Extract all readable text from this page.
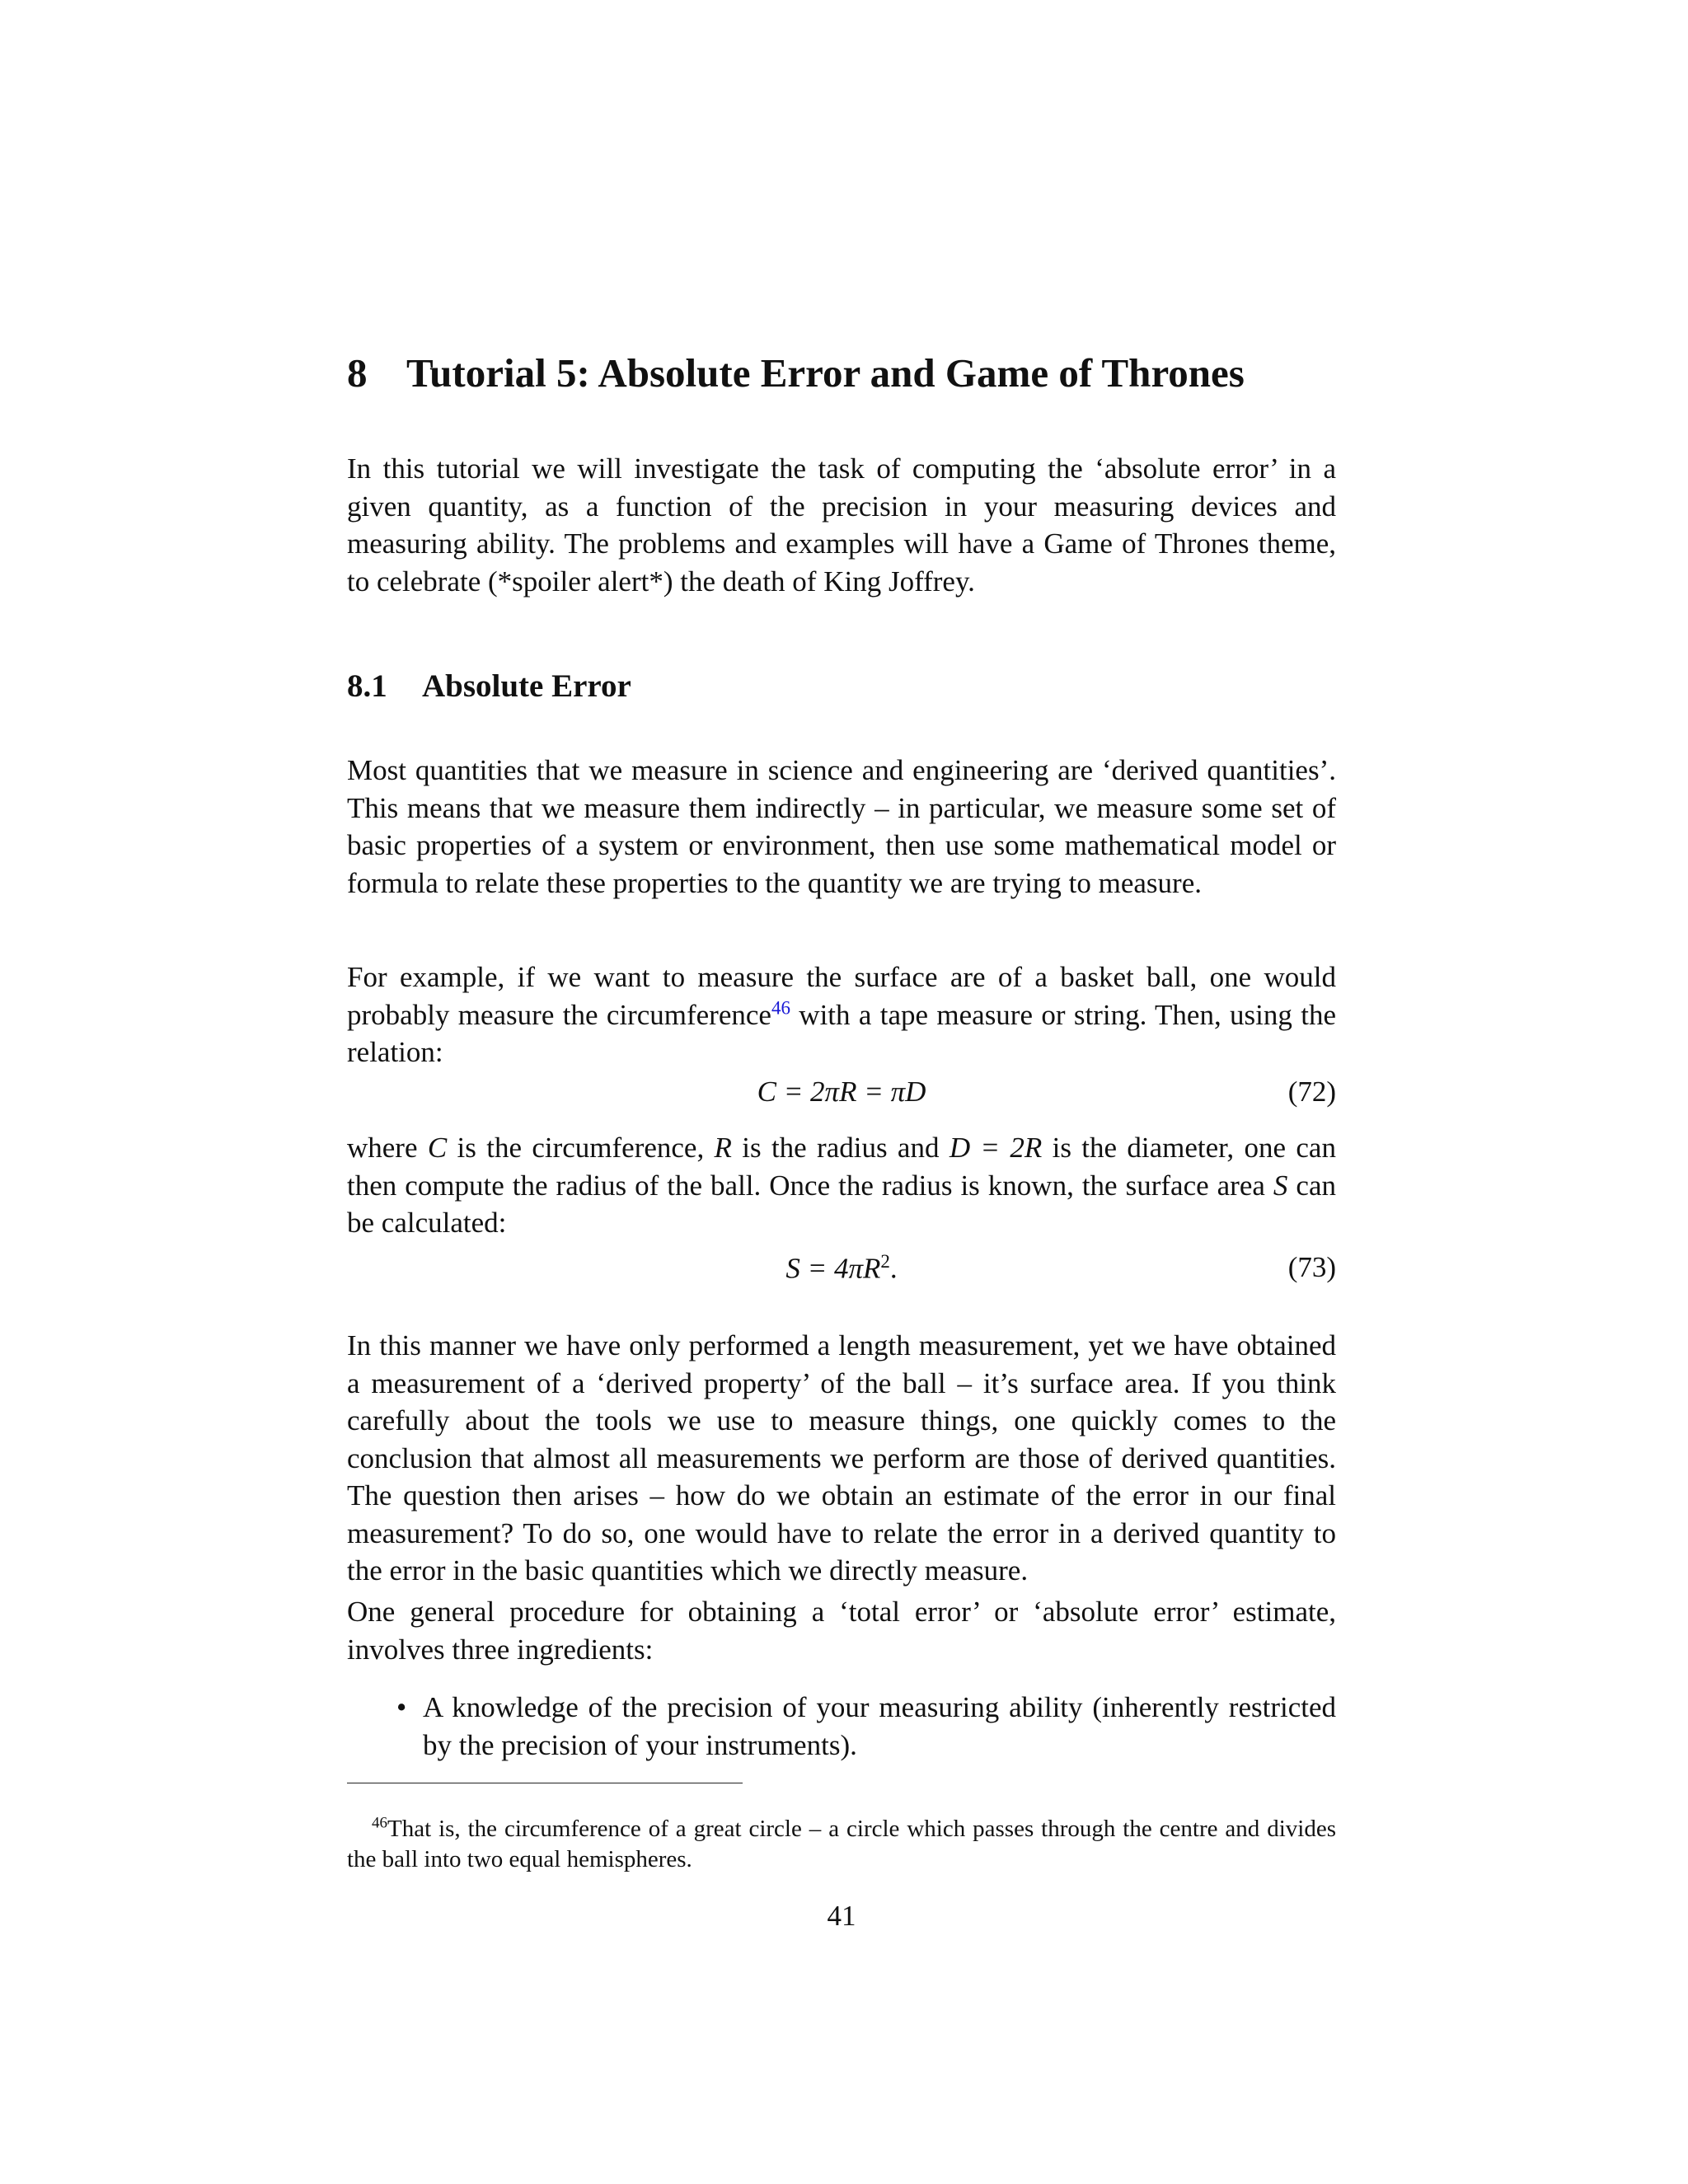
8 Tutorial 5: Absolute Error and Game of Thrones

In this tutorial we will investigate the task of computing the ‘absolute error’ in a given quantity, as a function of the precision in your measuring devices and measuring ability. The problems and examples will have a Game of Thrones theme, to celebrate (*spoiler alert*) the death of King Joffrey.

8.1 Absolute Error

Most quantities that we measure in science and engineering are ‘derived quantities’. This means that we measure them indirectly – in particular, we measure some set of basic properties of a system or environment, then use some mathematical model or formula to relate these properties to the quantity we are trying to measure.

For example, if we want to measure the surface are of a basket ball, one would probably measure the circumference$^{46}$ with a tape measure or string. Then, using the relation:

C = 2πR = πD	(72)

where C is the circumference, R is the radius and D = 2R is the diameter, one can then compute the radius of the ball. Once the radius is known, the surface area S can be calculated:

$S = 4\pi R^2$.	(73)

In this manner we have only performed a length measurement, yet we have obtained a measurement of a ‘derived property’ of the ball – it’s surface area. If you think carefully about the tools we use to measure things, one quickly comes to the conclusion that almost all measurements we perform are those of derived quantities. The question then arises – how do we obtain an estimate of the error in our final measurement? To do so, one would have to relate the error in a derived quantity to the error in the basic quantities which we directly measure.

One general procedure for obtaining a ‘total error’ or ‘absolute error’ estimate, involves three ingredients:

• A knowledge of the precision of your measuring ability (inherently restricted by the precision of your instruments).

$^{46}$That is, the circumference of a great circle – a circle which passes through the centre and divides the ball into two equal hemispheres.

41
